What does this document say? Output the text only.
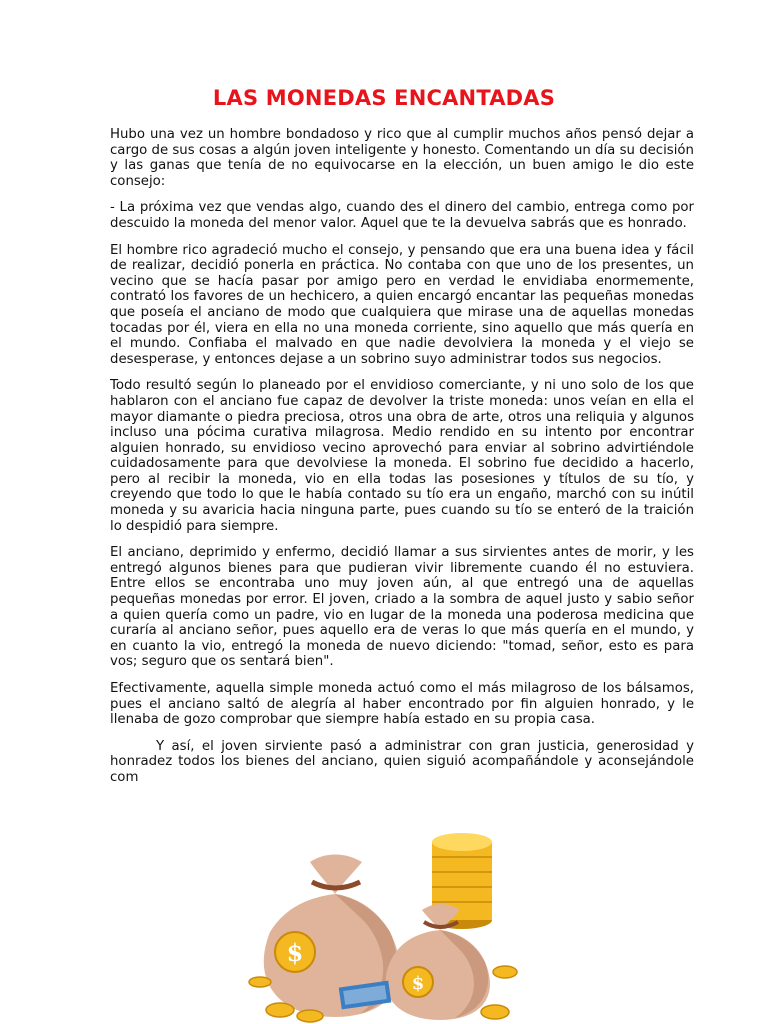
LAS MONEDAS ENCANTADAS

Hubo una vez un hombre bondadoso y rico que al cumplir muchos años pensó dejar a cargo de sus cosas a algún joven inteligente y honesto. Comentando un día su decisión y las ganas que tenía de no equivocarse en la elección, un buen amigo le dio este consejo:

- La próxima vez que vendas algo, cuando des el dinero del cambio, entrega como por descuido la moneda del menor valor. Aquel que te la devuelva sabrás que es honrado.

El hombre rico agradeció mucho el consejo, y pensando que era una buena idea y fácil de realizar, decidió ponerla en práctica. No contaba con que uno de los presentes, un vecino que se hacía pasar por amigo pero en verdad le envidiaba enormemente, contrató los favores de un hechicero, a quien encargó encantar las pequeñas monedas que poseía el anciano de modo que cualquiera que mirase una de aquellas monedas tocadas por él, viera en ella no una moneda corriente, sino aquello que más quería en el mundo. Confiaba el malvado en que nadie devolviera la moneda y el viejo se desesperase, y entonces dejase a un sobrino suyo administrar todos sus negocios.

Todo resultó según lo planeado por el envidioso comerciante, y ni uno solo de los que hablaron con el anciano fue capaz de devolver la triste moneda: unos veían en ella el mayor diamante o piedra preciosa, otros una obra de arte, otros una reliquia y algunos incluso una pócima curativa milagrosa. Medio rendido en su intento por encontrar alguien honrado, su envidioso vecino aprovechó para enviar al sobrino advirtiéndole cuidadosamente para que devolviese la moneda. El sobrino fue decidido a hacerlo, pero al recibir la moneda, vio en ella todas las posesiones y títulos de su tío, y creyendo que todo lo que le había contado su tío era un engaño, marchó con su inútil moneda y su avaricia hacia ninguna parte, pues cuando su tío se enteró de la traición lo despidió para siempre.

El anciano, deprimido y enfermo, decidió llamar a sus sirvientes antes de morir, y les entregó algunos bienes para que pudieran vivir libremente cuando él no estuviera. Entre ellos se encontraba uno muy joven aún, al que entregó una de aquellas pequeñas monedas por error. El joven, criado a la sombra de aquel justo y sabio señor a quien quería como un padre, vio en lugar de la moneda una poderosa medicina que curaría al anciano señor, pues aquello era de veras lo que más quería en el mundo, y en cuanto la vio, entregó la moneda de nuevo diciendo: "tomad, señor, esto es para vos; seguro que os sentará bien".

Efectivamente, aquella simple moneda actuó como el más milagroso de los bálsamos, pues el anciano saltó de alegría al haber encontrado por fin alguien honrado, y le llenaba de gozo comprobar que siempre había estado en su propia casa.

Y así, el joven sirviente pasó a administrar con gran justicia, generosidad y honradez todos los bienes del anciano, quien siguió acompañándole y aconsejándole com

$
$
